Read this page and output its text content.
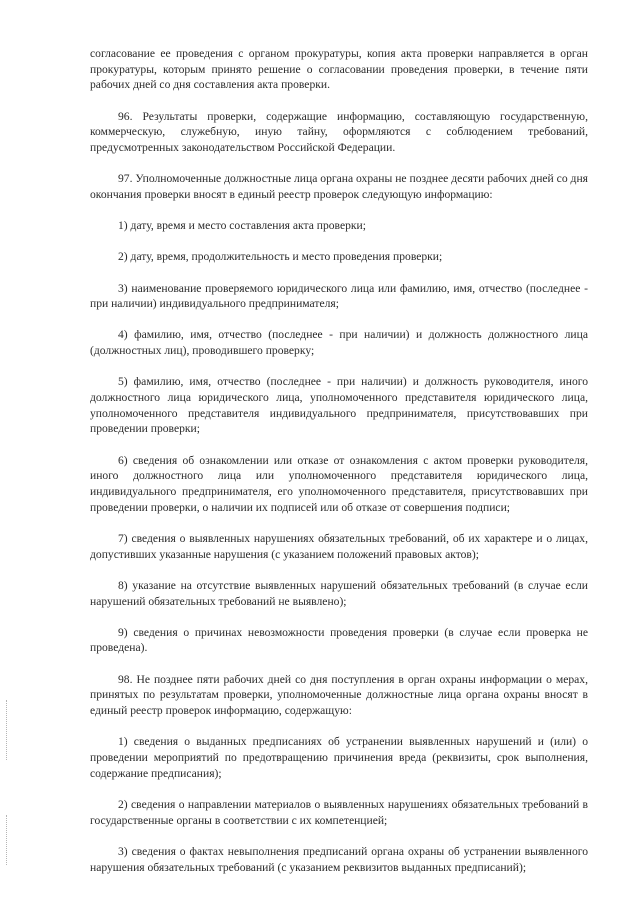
согласование ее проведения с органом прокуратуры, копия акта проверки направляется в орган прокуратуры, которым принято решение о согласовании проведения проверки, в течение пяти рабочих дней со дня составления акта проверки.

96. Результаты проверки, содержащие информацию, составляющую государственную, коммерческую, служебную, иную тайну, оформляются с соблюдением требований, предусмотренных законодательством Российской Федерации.

97. Уполномоченные должностные лица органа охраны не позднее десяти рабочих дней со дня окончания проверки вносят в единый реестр проверок следующую информацию:

1) дату, время и место составления акта проверки;

2) дату, время, продолжительность и место проведения проверки;

3) наименование проверяемого юридического лица или фамилию, имя, отчество (последнее - при наличии) индивидуального предпринимателя;

4) фамилию, имя, отчество (последнее - при наличии) и должность должностного лица (должностных лиц), проводившего проверку;

5) фамилию, имя, отчество (последнее - при наличии) и должность руководителя, иного должностного лица юридического лица, уполномоченного представителя юридического лица, уполномоченного представителя индивидуального предпринимателя, присутствовавших при проведении проверки;

6) сведения об ознакомлении или отказе от ознакомления с актом проверки руководителя, иного должностного лица или уполномоченного представителя юридического лица, индивидуального предпринимателя, его уполномоченного представителя, присутствовавших при проведении проверки, о наличии их подписей или об отказе от совершения подписи;

7) сведения о выявленных нарушениях обязательных требований, об их характере и о лицах, допустивших указанные нарушения (с указанием положений правовых актов);

8) указание на отсутствие выявленных нарушений обязательных требований (в случае если нарушений обязательных требований не выявлено);

9) сведения о причинах невозможности проведения проверки (в случае если проверка не проведена).

98. Не позднее пяти рабочих дней со дня поступления в орган охраны информации о мерах, принятых по результатам проверки, уполномоченные должностные лица органа охраны вносят в единый реестр проверок информацию, содержащую:

1) сведения о выданных предписаниях об устранении выявленных нарушений и (или) о проведении мероприятий по предотвращению причинения вреда (реквизиты, срок выполнения, содержание предписания);

2) сведения о направлении материалов о выявленных нарушениях обязательных требований в государственные органы в соответствии с их компетенцией;

3) сведения о фактах невыполнения предписаний органа охраны об устранении выявленного нарушения обязательных требований (с указанием реквизитов выданных предписаний);
